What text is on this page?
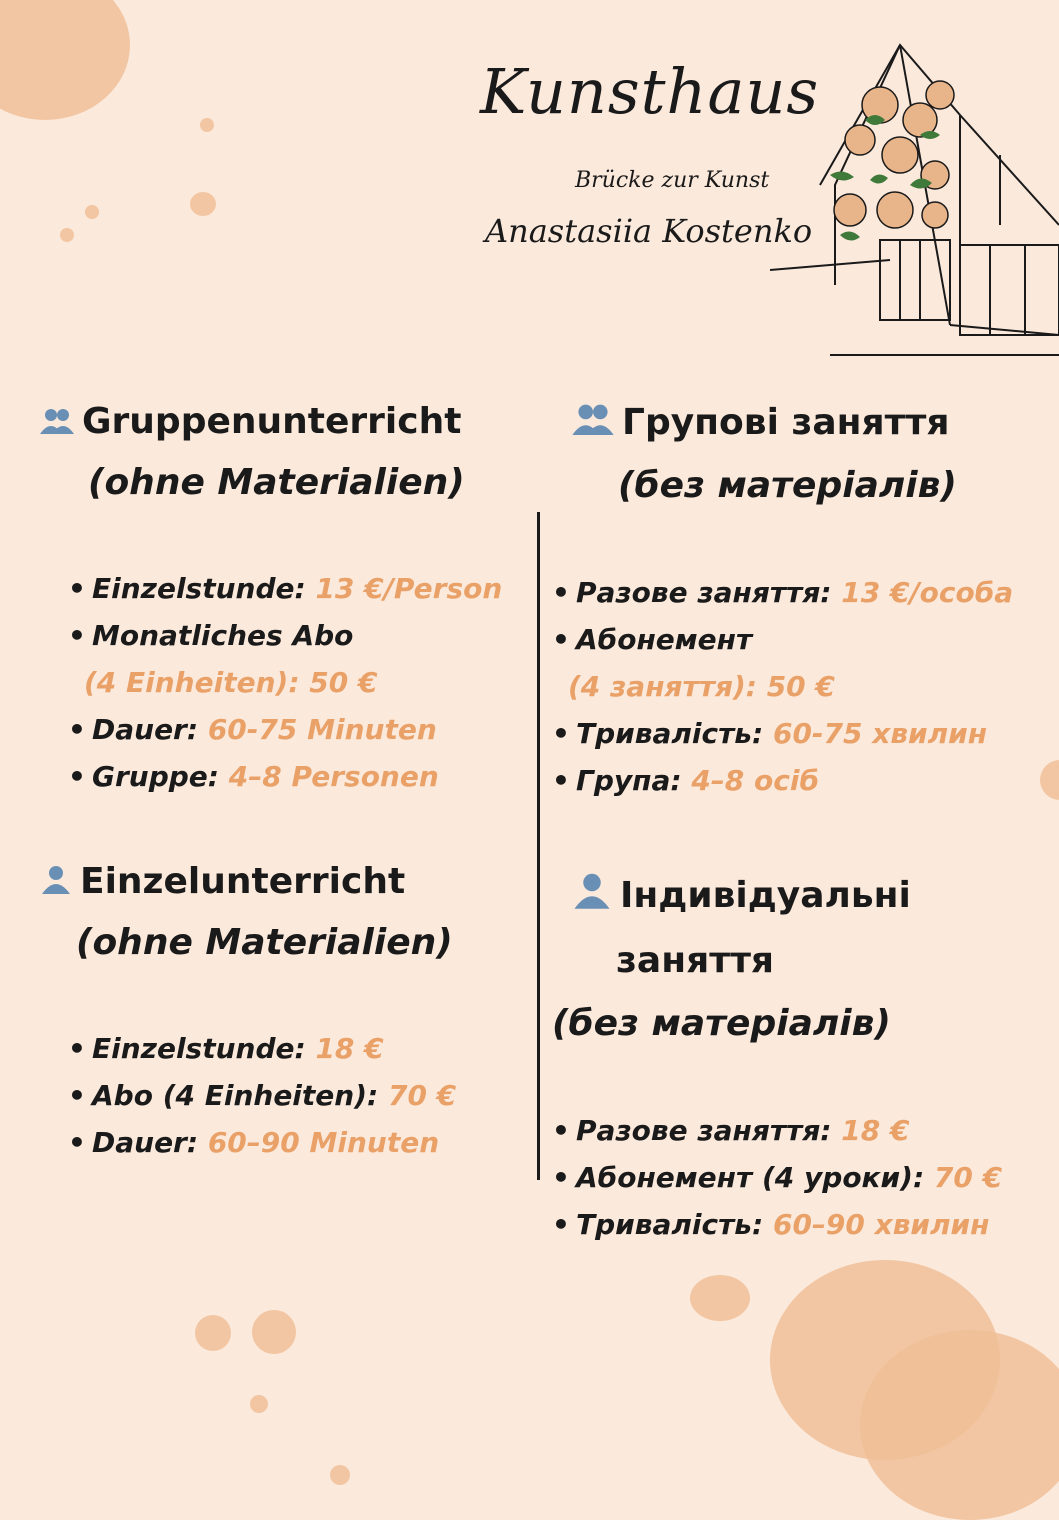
Kunsthaus
Brücke zur Kunst
Anastasiia Kostenko
Gruppenunterricht
(ohne Materialien)
• Einzelstunde: 13 €/Person
• Monatliches Abo
(4 Einheiten): 50 €
• Dauer: 60-75 Minuten
• Gruppe: 4–8 Personen
Einzelunterricht
(ohne Materialien)
• Einzelstunde: 18 €
• Abo (4 Einheiten): 70 €
• Dauer: 60–90 Minuten
Групові заняття
(без матеріалів)
• Разове заняття: 13 €/особа
• Абонемент
(4 заняття): 50 €
• Тривалість: 60-75 хвилин
• Група: 4–8 осіб
Індивідуальні
заняття
(без матеріалів)
• Разове заняття: 18 €
• Абонемент (4 уроки): 70 €
• Тривалість: 60–90 хвилин
